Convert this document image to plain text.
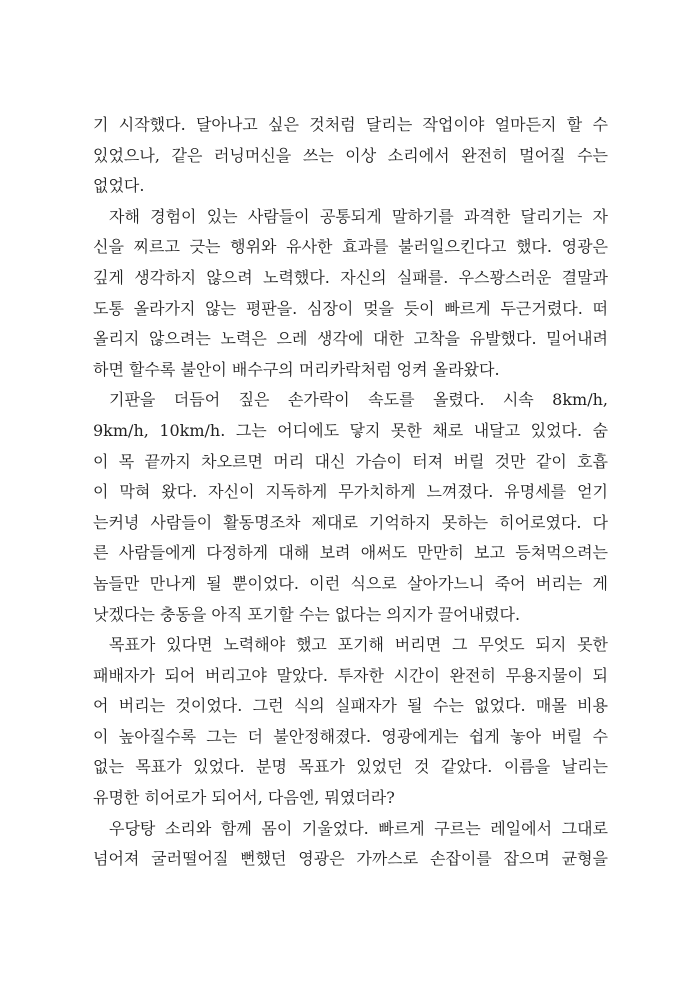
기 시작했다. 달아나고 싶은 것처럼 달리는 작업이야 얼마든지 할 수
있었으나, 같은 러닝머신을 쓰는 이상 소리에서 완전히 멀어질 수는
없었다.
자해 경험이 있는 사람들이 공통되게 말하기를 과격한 달리기는 자
신을 찌르고 긋는 행위와 유사한 효과를 불러일으킨다고 했다. 영광은
깊게 생각하지 않으려 노력했다. 자신의 실패를. 우스꽝스러운 결말과
도통 올라가지 않는 평판을. 심장이 멎을 듯이 빠르게 두근거렸다. 떠
올리지 않으려는 노력은 으레 생각에 대한 고착을 유발했다. 밀어내려
하면 할수록 불안이 배수구의 머리카락처럼 엉켜 올라왔다.
기판을 더듬어 짚은 손가락이 속도를 올렸다. 시속 8km/h,
9km/h, 10km/h. 그는 어디에도 닿지 못한 채로 내달고 있었다. 숨
이 목 끝까지 차오르면 머리 대신 가슴이 터져 버릴 것만 같이 호흡
이 막혀 왔다. 자신이 지독하게 무가치하게 느껴졌다. 유명세를 얻기
는커녕 사람들이 활동명조차 제대로 기억하지 못하는 히어로였다. 다
른 사람들에게 다정하게 대해 보려 애써도 만만히 보고 등쳐먹으려는
놈들만 만나게 될 뿐이었다. 이런 식으로 살아가느니 죽어 버리는 게
낫겠다는 충동을 아직 포기할 수는 없다는 의지가 끌어내렸다.
목표가 있다면 노력해야 했고 포기해 버리면 그 무엇도 되지 못한
패배자가 되어 버리고야 말았다. 투자한 시간이 완전히 무용지물이 되
어 버리는 것이었다. 그런 식의 실패자가 될 수는 없었다. 매몰 비용
이 높아질수록 그는 더 불안정해졌다. 영광에게는 쉽게 놓아 버릴 수
없는 목표가 있었다. 분명 목표가 있었던 것 같았다. 이름을 날리는
유명한 히어로가 되어서, 다음엔, 뭐였더라?
우당탕 소리와 함께 몸이 기울었다. 빠르게 구르는 레일에서 그대로
넘어져 굴러떨어질 뻔했던 영광은 가까스로 손잡이를 잡으며 균형을
